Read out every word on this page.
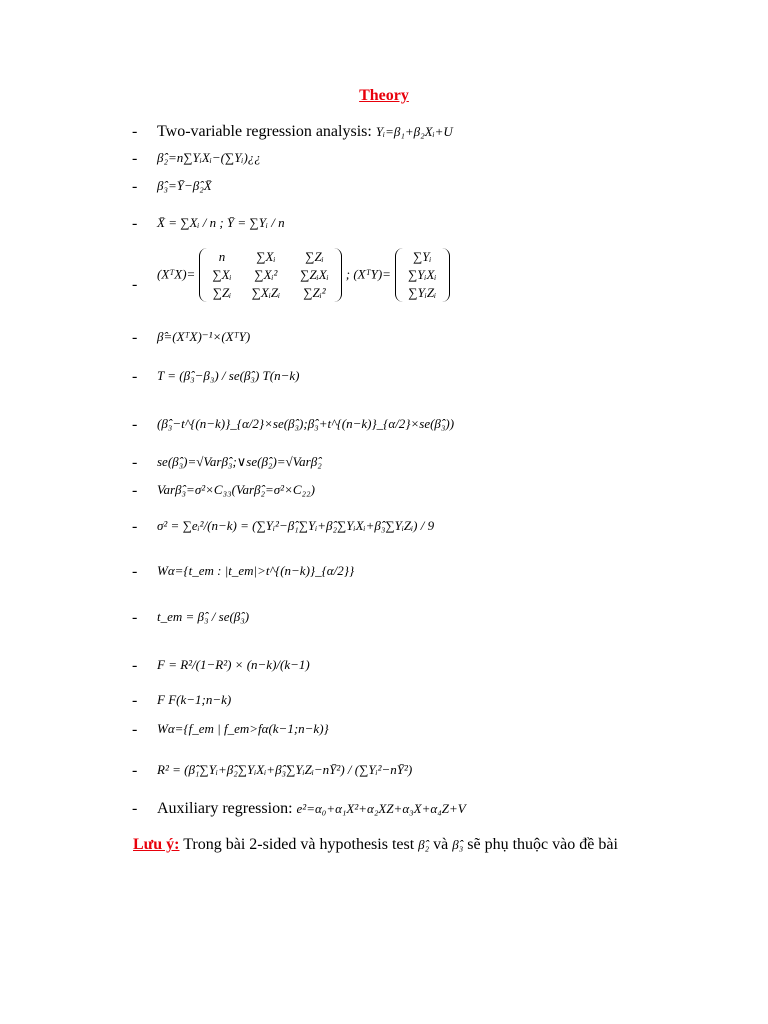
Theory
- Two-variable regression analysis: Yᵢ=β₁+β₂Xᵢ+U
- β̂₂=n∑YᵢXᵢ−(∑Yᵢ)¿¿
- β̂₃=Ȳ−β̂₂X̄
- X̄ = ∑Xᵢ / n ; Ȳ = ∑Yᵢ / n
-
(XᵀX)=
n	∑Xᵢ	∑Zᵢ
∑Xᵢ	∑Xᵢ²	∑ZᵢXᵢ
∑Zᵢ	∑XᵢZᵢ	∑Zᵢ²
; (XᵀY)=
∑Yᵢ
∑YᵢXᵢ
∑YᵢZᵢ
- β̂=(XᵀX)⁻¹×(XᵀY)
- T = (β̂₃−β₃) / se(β̂₃) T(n−k)
- (β̂₃−t^{(n−k)}_{α/2}×se(β̂₃);β̂₃+t^{(n−k)}_{α/2}×se(β̂₃))
- se(β̂₃)=√Varβ̂₃;∨se(β̂₂)=√Varβ̂₂
- Varβ̂₃=σ²×C₃₃(Varβ̂₂=σ²×C₂₂)
- σ² = ∑eᵢ²/(n−k) = (∑Yᵢ²−β̂₁∑Yᵢ+β̂₂∑YᵢXᵢ+β̂₃∑YᵢZᵢ) / 9
- Wα={t_em : |t_em|>t^{(n−k)}_{α/2}}
- t_em = β̂₃ / se(β̂₃)
- F = R²/(1−R²) × (n−k)/(k−1)
- F F(k−1;n−k)
- Wα={f_em | f_em>fα(k−1;n−k)}
- R² = (β̂₁∑Yᵢ+β̂₂∑YᵢXᵢ+β̂₃∑YᵢZᵢ−nȲ²) / (∑Yᵢ²−nȲ²)
- Auxiliary regression: e²=α₀+α₁X²+α₂XZ+α₃X+α₄Z+V
Lưu ý: Trong bài 2-sided và hypothesis test β̂₂ và β̂₃ sẽ phụ thuộc vào đề bài
